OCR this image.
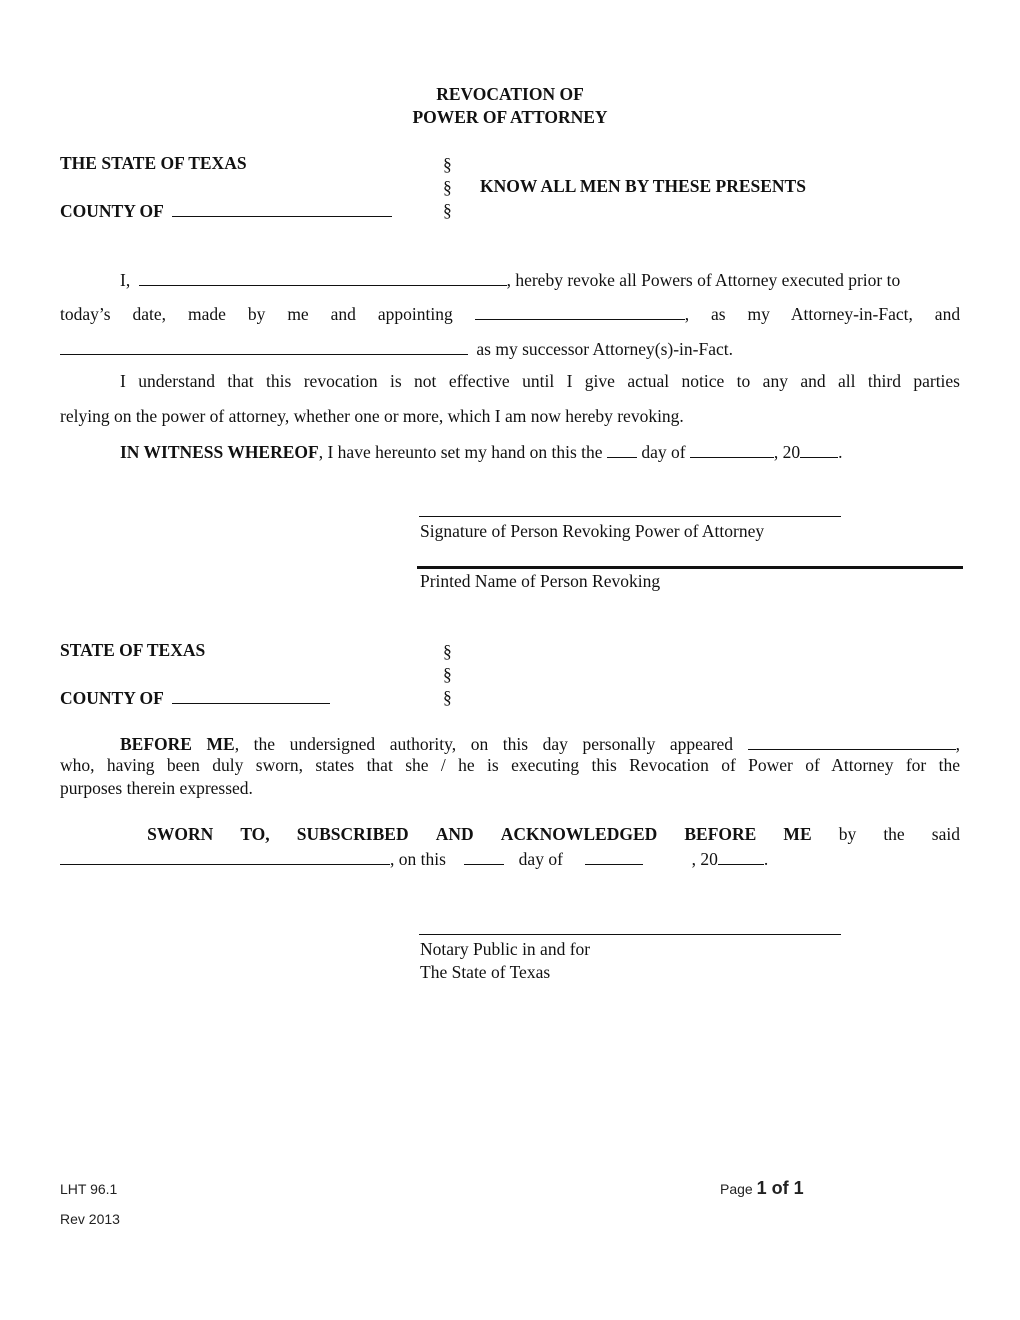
REVOCATION OF
POWER OF ATTORNEY
THE STATE OF TEXAS
COUNTY OF
§
§
§
KNOW ALL MEN BY THESE PRESENTS
I,	, hereby revoke all Powers of Attorney executed prior to
today’s date, made by me and appointing	, as my Attorney-in-Fact, and
as my successor Attorney(s)-in-Fact.
I understand that this revocation is not effective until I give actual notice to any and all third parties
relying on the power of attorney, whether one or more, which I am now hereby revoking.
IN WITNESS WHEREOF, I have hereunto set my hand on this the day of	, 20 .
Signature of Person Revoking Power of Attorney
Printed Name of Person Revoking
STATE OF TEXAS
COUNTY OF
§
§
§
BEFORE ME, the undersigned authority, on this day personally appeared	,
who, having been duly sworn, states that she / he is executing this Revocation of Power of Attorney for the
purposes therein expressed.
SWORN TO, SUBSCRIBED AND ACKNOWLEDGED BEFORE ME by the said
, on this	day of	, 20	.
Notary Public in and for
The State of Texas
LHT 96.1
Rev 2013
Page 1 of 1
